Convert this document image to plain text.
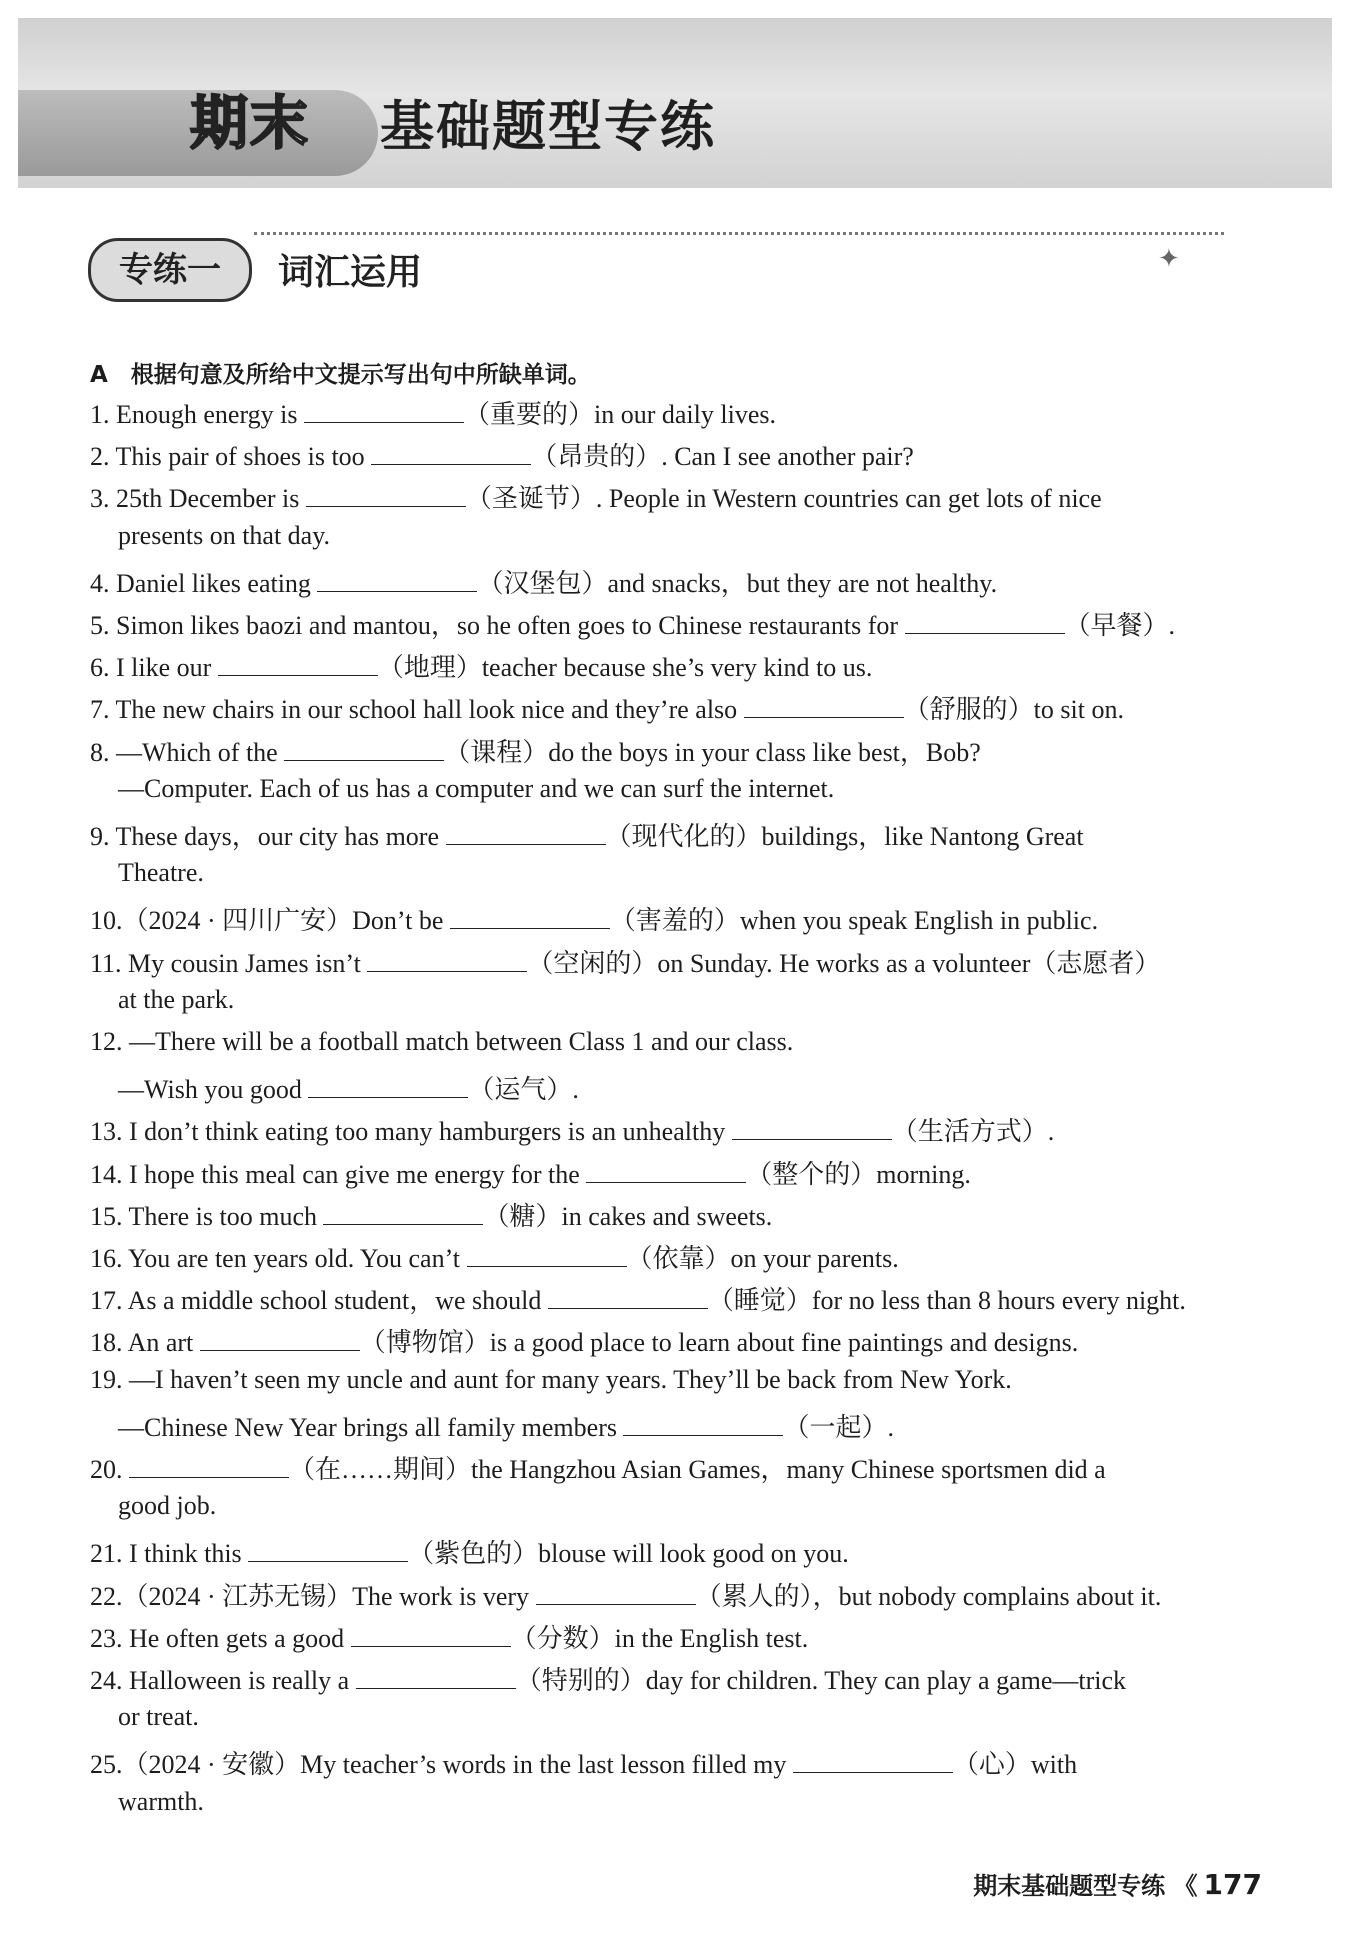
期末 基础题型专练
专练一	词汇运用	✦
A　根据句意及所给中文提示写出句中所缺单词。
1. Enough energy is	（重要的）in our daily lives.
2. This pair of shoes is too	（昂贵的）. Can I see another pair?
3. 25th December is	（圣诞节）. People in Western countries can get lots of nice
presents on that day.
4. Daniel likes eating	（汉堡包）and snacks，but they are not healthy.
5. Simon likes baozi and mantou，so he often goes to Chinese restaurants for	（早餐）.
6. I like our	（地理）teacher because she’s very kind to us.
7. The new chairs in our school hall look nice and they’re also	（舒服的）to sit on.
8. —Which of the	（课程）do the boys in your class like best，Bob?
—Computer. Each of us has a computer and we can surf the internet.
9. These days，our city has more	（现代化的）buildings，like Nantong Great
Theatre.
10.（2024 · 四川广安）Don’t be	（害羞的）when you speak English in public.
11. My cousin James isn’t	（空闲的）on Sunday. He works as a volunteer（志愿者）
at the park.
12. —There will be a football match between Class 1 and our class.
—Wish you good	（运气）.
13. I don’t think eating too many hamburgers is an unhealthy	（生活方式）.
14. I hope this meal can give me energy for the	（整个的）morning.
15. There is too much	（糖）in cakes and sweets.
16. You are ten years old. You can’t	（依靠）on your parents.
17. As a middle school student，we should	（睡觉）for no less than 8 hours every night.
18. An art	（博物馆）is a good place to learn about fine paintings and designs.
19. —I haven’t seen my uncle and aunt for many years. They’ll be back from New York.
—Chinese New Year brings all family members	（一起）.
20.	（在……期间）the Hangzhou Asian Games，many Chinese sportsmen did a
good job.
21. I think this	（紫色的）blouse will look good on you.
22.（2024 · 江苏无锡）The work is very	（累人的），but nobody complains about it.
23. He often gets a good	（分数）in the English test.
24. Halloween is really a	（特别的）day for children. They can play a game—trick
or treat.
25.（2024 · 安徽）My teacher’s words in the last lesson filled my	（心）with
warmth.
期末基础题型专练 《 177
